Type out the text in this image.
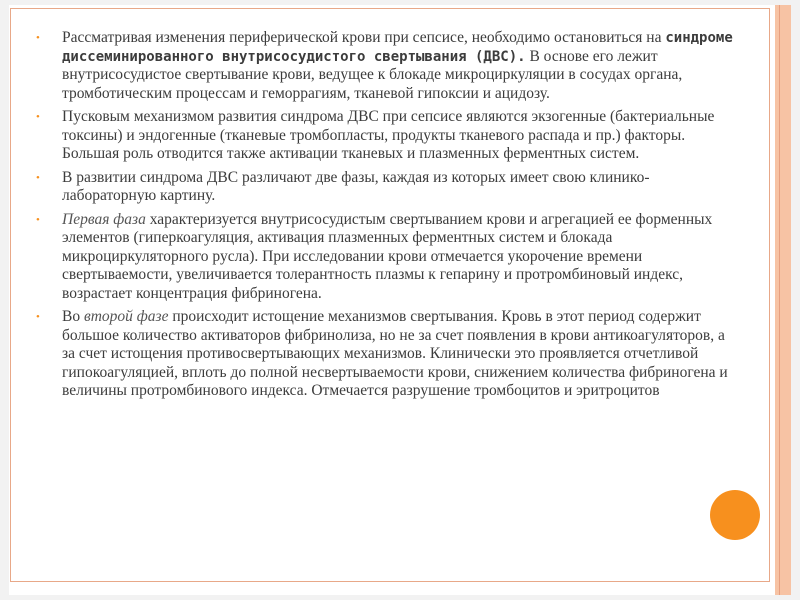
• Рассматривая изменения периферической крови при сепсисе, необходимо остановиться на синдроме диссеминированного внутрисосудистого свертывания (ДВС). В основе его лежит внутрисосудистое свертывание крови, ведущее к блокаде микроциркуляции в сосудах органа, тромботическим процессам и геморрагиям, тканевой гипоксии и ацидозу.
• Пусковым механизмом развития синдрома ДВС при сепсисе являются экзогенные (бактериальные токсины) и эндогенные (тканевые тромбопласты, продукты тканевого распада и пр.) факторы. Большая роль отводится также активации тканевых и плазменных ферментных систем.
• В развитии синдрома ДВС различают две фазы, каждая из которых имеет свою клинико-лабораторную картину.
• Первая фаза характеризуется внутрисосудистым свертыванием крови и агрегацией ее форменных элементов (гиперкоагуляция, активация плазменных ферментных систем и блокада микроциркуляторного русла). При исследовании крови отмечается укорочение времени свертываемости, увеличивается толерантность плазмы к гепарину и протромбиновый индекс, возрастает концентрация фибриногена.
• Во второй фазе происходит истощение механизмов свертывания. Кровь в этот период содержит большое количество активаторов фибринолиза, но не за счет появления в крови антикоагуляторов, а за счет истощения противосвертывающих механизмов. Клинически это проявляется отчетливой гипокоагуляцией, вплоть до полной несвертываемости крови, снижением количества фибриногена и величины протромбинового индекса. Отмечается разрушение тромбоцитов и эритроцитов
